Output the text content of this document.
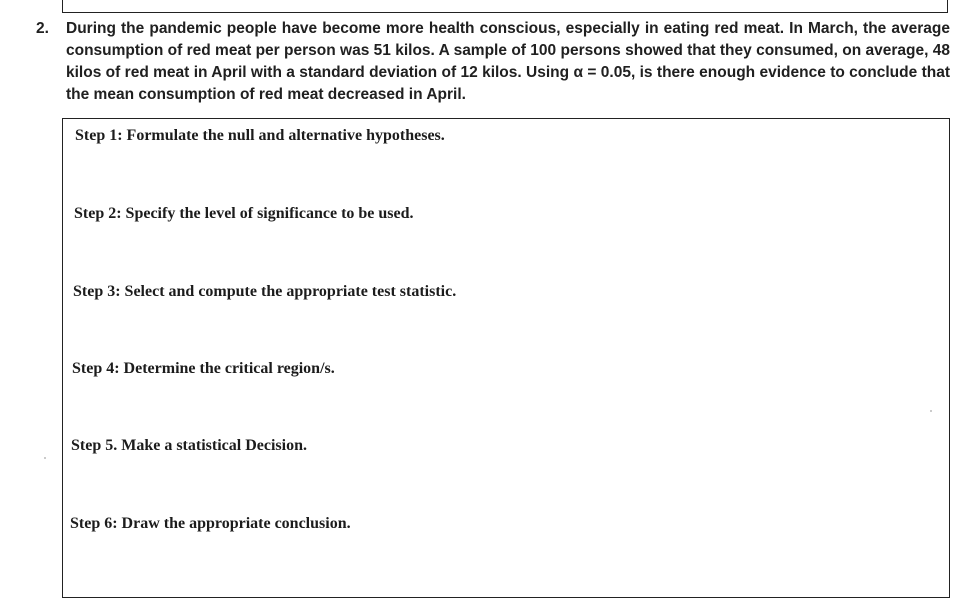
2. During the pandemic people have become more health conscious, especially in eating red meat. In March, the average consumption of red meat per person was 51 kilos. A sample of 100 persons showed that they consumed, on average, 48 kilos of red meat in April with a standard deviation of 12 kilos. Using α = 0.05, is there enough evidence to conclude that the mean consumption of red meat decreased in April.
Step 1: Formulate the null and alternative hypotheses.
Step 2: Specify the level of significance to be used.
Step 3: Select and compute the appropriate test statistic.
Step 4: Determine the critical region/s.
Step 5. Make a statistical Decision.
Step 6: Draw the appropriate conclusion.
